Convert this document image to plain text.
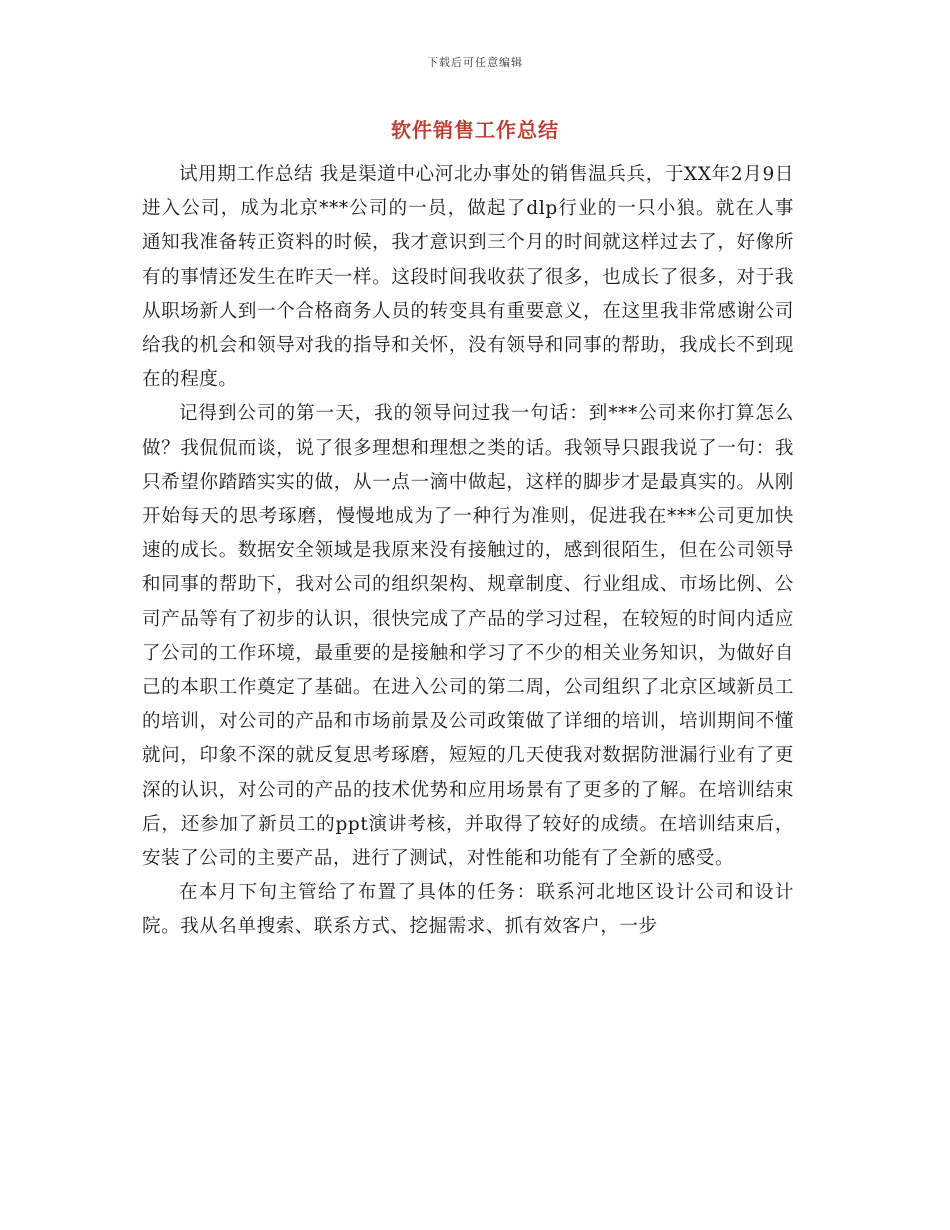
下载后可任意编辑
软件销售工作总结

试用期工作总结 我是渠道中心河北办事处的销售温兵兵，于XX年2月9日进入公司，成为北京***公司的一员，做起了dlp行业的一只小狼。就在人事通知我准备转正资料的时候，我才意识到三个月的时间就这样过去了，好像所有的事情还发生在昨天一样。这段时间我收获了很多，也成长了很多，对于我从职场新人到一个合格商务人员的转变具有重要意义，在这里我非常感谢公司给我的机会和领导对我的指导和关怀，没有领导和同事的帮助，我成长不到现在的程度。

记得到公司的第一天，我的领导问过我一句话：到***公司来你打算怎么做？我侃侃而谈，说了很多理想和理想之类的话。我领导只跟我说了一句：我只希望你踏踏实实的做，从一点一滴中做起，这样的脚步才是最真实的。从刚开始每天的思考琢磨，慢慢地成为了一种行为准则，促进我在***公司更加快速的成长。数据安全领域是我原来没有接触过的，感到很陌生，但在公司领导和同事的帮助下，我对公司的组织架构、规章制度、行业组成、市场比例、公司产品等有了初步的认识，很快完成了产品的学习过程，在较短的时间内适应了公司的工作环境，最重要的是接触和学习了不少的相关业务知识，为做好自己的本职工作奠定了基础。在进入公司的第二周，公司组织了北京区域新员工的培训，对公司的产品和市场前景及公司政策做了详细的培训，培训期间不懂就问，印象不深的就反复思考琢磨，短短的几天使我对数据防泄漏行业有了更深的认识，对公司的产品的技术优势和应用场景有了更多的了解。在培训结束后，还参加了新员工的ppt演讲考核，并取得了较好的成绩。在培训结束后，安装了公司的主要产品，进行了测试，对性能和功能有了全新的感受。

在本月下旬主管给了布置了具体的任务：联系河北地区设计公司和设计院。我从名单搜索、联系方式、挖掘需求、抓有效客户，一步
